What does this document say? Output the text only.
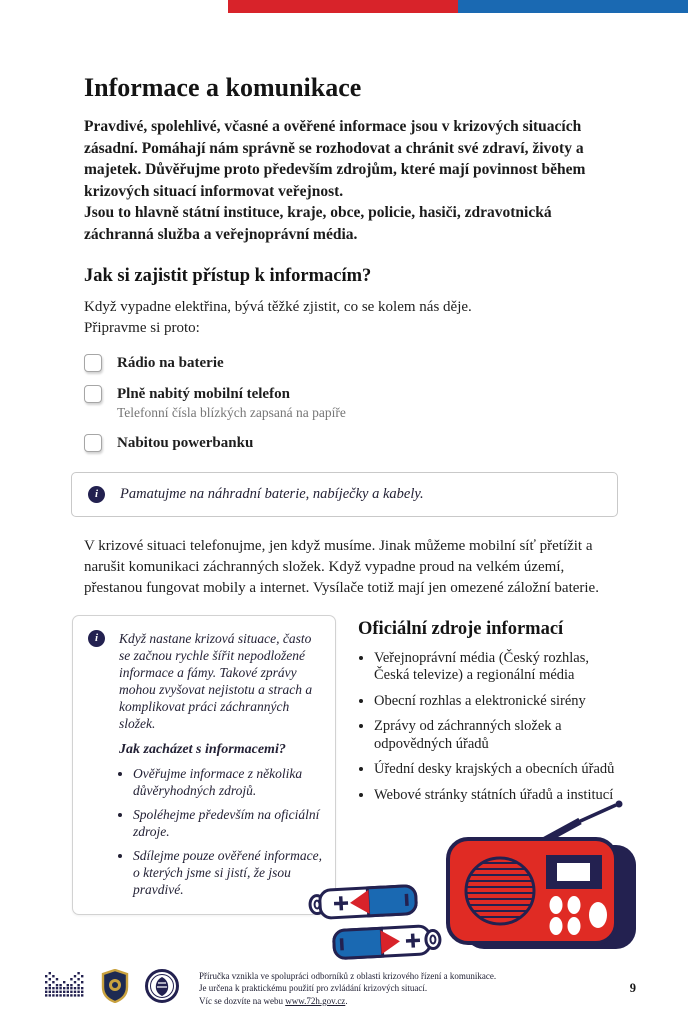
Informace a komunikace

Pravdivé, spolehlivé, včasné a ověřené informace jsou v krizových situacích zásadní. Pomáhají nám správně se rozhodovat a chránit své zdraví, životy a majetek. Důvěřujme proto především zdrojům, které mají povinnost během krizových situací informovat veřejnost.

Jsou to hlavně státní instituce, kraje, obce, policie, hasiči, zdravotnická záchranná služba a veřejnoprávní média.

Jak si zajistit přístup k informacím?
Když vypadne elektřina, bývá těžké zjistit, co se kolem nás děje.
Připravme si proto:
Rádio na baterie
Plně nabitý mobilní telefon
Telefonní čísla blízkých zapsaná na papíře
Nabitou powerbanku
i	Pamatujme na náhradní baterie, nabíječky a kabely.
V krizové situaci telefonujme, jen když musíme. Jinak můžeme mobilní síť přetížit a narušit komunikaci záchranných složek. Když vypadne proud na velkém území, přestanou fungovat mobily a internet. Vysílače totiž mají jen omezené záložní baterie.
i	Když nastane krizová situace, často se začnou rychle šířit nepodložené informace a fámy. Takové zprávy mohou zvyšovat nejistotu a strach a komplikovat práci záchranných složek.
Jak zacházet s informacemi?
• Ověřujme informace z několika důvěryhodných zdrojů.
• Spoléhejme především na oficiální zdroje.
• Sdílejme pouze ověřené informace, o kterých jsme si jistí, že jsou pravdivé.
Oficiální zdroje informací
• Veřejnoprávní média (Český rozhlas, Česká televize) a regionální média
• Obecní rozhlas a elektronické sirény
• Zprávy od záchranných složek a odpovědných úřadů
• Úřední desky krajských a obecních úřadů
• Webové stránky státních úřadů a institucí
Příručka vznikla ve spolupráci odborníků z oblasti krizového řízení a komunikace.
Je určena k praktickému použití pro zvládání krizových situací.
Víc se dozvíte na webu www.72h.gov.cz.
9
